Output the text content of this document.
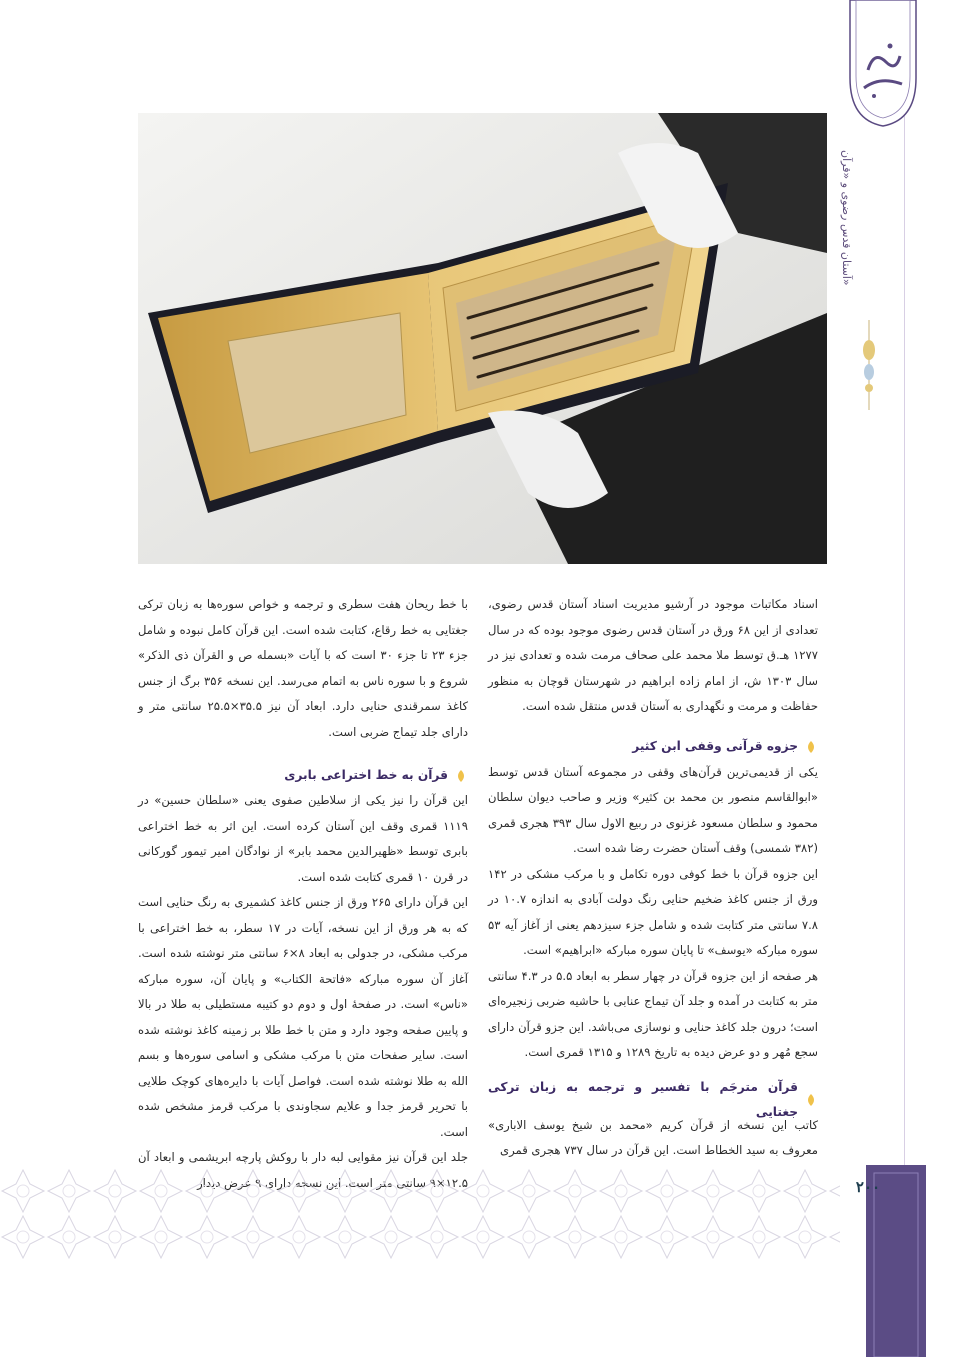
آستان قدس رضوی و «قرآن»
۲۰۰

اسناد مکاتبات موجود در آرشیو مدیریت اسناد آستان قدس رضوی، تعدادی از این ۶۸ ورق در آستان قدس رضوی موجود بوده که در سال ۱۲۷۷ هـ.ق توسط ملا محمد علی صحاف مرمت شده و تعدادی نیز در سال ۱۳۰۳ ش، از امام زاده ابراهیم در شهرستان قوچان به منظور حفاظت و مرمت و نگهداری به آستان قدس منتقل شده است.

جزوه قرآنی وقفی ابن کثیر

یکی از قدیمی‌ترین قرآن‌های وقفی در مجموعه آستان قدس توسط «ابوالقاسم منصور بن محمد بن کثیر» وزیر و صاحب دیوان سلطان محمود و سلطان مسعود غزنوی در ربیع الاول سال ۳۹۳ هجری قمری (۳۸۲ شمسی) وقف آستان حضرت رضا شده است.

این جزوه قرآن با خط کوفی دوره تکامل و با مرکب مشکی در ۱۴۲ ورق از جنس کاغذ ضخیم حنایی رنگ دولت آبادی به اندازه ۱۰.۷ در ۷.۸ سانتی متر کتابت شده و شامل جزء سیزدهم یعنی از آغاز آیه ۵۳ سوره مبارکه «یوسف» تا پایان سوره مبارکه «ابراهیم» است.

هر صفحه از این جزوه قرآن در چهار سطر به ابعاد ۵.۵ در ۴.۳ سانتی متر به کتابت در آمده و جلد آن تیماج عنابی با حاشیه ضربی زنجیره‌ای است؛ درون جلد کاغذ حنایی و نوسازی می‌باشد. این جزو قرآن دارای سجع مُهر و دو عرض دیده به تاریخ ۱۲۸۹ و ۱۳۱۵ قمری است.

قرآن مترجَم با تفسیر و ترجمه به زبان ترکی جغتایی

کاتب این نسخه از قرآن کریم «محمد بن شیخ یوسف الابارى» معروف به سید الخطاط است. این قرآن در سال ۷۳۷ هجری قمری

با خط ریحان هفت سطری و ترجمه و خواص سوره‌ها به زبان ترکی جغتایی به خط رقاع، کتابت شده است. این قرآن کامل نبوده و شامل جزء ۲۳ تا جزء ۳۰ است که با آیات «بسمله ص و القرآن ذی الذکر» شروع و با سوره ناس به اتمام می‌رسد. این نسخه ۳۵۶ برگ از جنس کاغذ سمرقندی حنایی دارد. ابعاد آن نیز ۳۵.۵×۲۵.۵ سانتی متر و دارای جلد تیماج ضربی است.

قرآن به خط اختراعی بابری

این قرآن را نیز یکی از سلاطین صفوی یعنی «سلطان حسین» در ۱۱۱۹ قمری وقف این آستان کرده است. این اثر به خط اختراعی بابری توسط «ظهیرالدین محمد بابر» از نوادگان امیر تیمور گورکانی در قرن ۱۰ قمری کتابت شده است.

این قرآن دارای ۲۶۵ ورق از جنس کاغذ کشمیری به رنگ حنایی است که به هر ورق از این نسخه، آیات در ۱۷ سطر، به خط اختراعی با مرکب مشکی، در جدولی به ابعاد ۸×۶ سانتی متر نوشته شده است. آغاز آن سوره مبارکه «فاتحة الکتاب» و پایان آن، سوره مبارکه «ناس» است. در صفحهٔ اول و دوم دو کتیبه مستطیلی به طلا در بالا و پایین صفحه وجود دارد و متن با خط طلا بر زمینه کاغذ نوشته شده است. سایر صفحات متن با مرکب مشکی و اسامی سوره‌ها و بسم الله به طلا نوشته شده است. فواصل آیات با دایره‌های کوچک طلایی با تحریر قرمز جدا و علایم سجاوندی با مرکب قرمز مشخص شده است.

جلد این قرآن نیز مقوایی لبه دار با روکش پارچه ابریشمی و ابعاد آن
